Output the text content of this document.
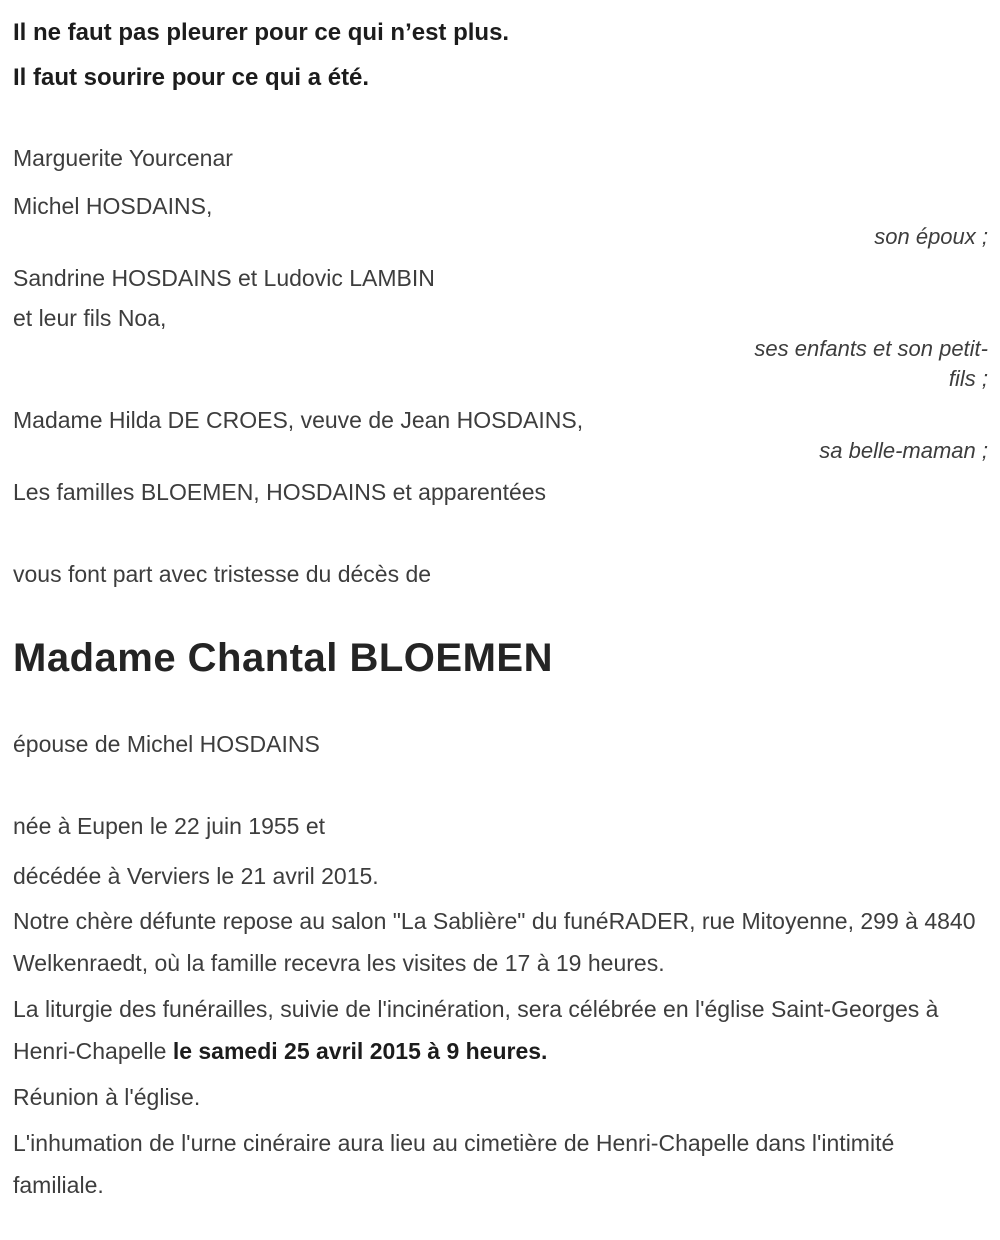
Il ne faut pas pleurer pour ce qui n’est plus.
Il faut sourire pour ce qui a été.
Marguerite Yourcenar
Michel HOSDAINS,
son époux ;
Sandrine HOSDAINS et Ludovic LAMBIN
et leur fils Noa,
ses enfants et son petit-fils ;
Madame Hilda DE CROES, veuve de Jean HOSDAINS,
sa belle-maman ;
Les familles BLOEMEN, HOSDAINS et apparentées
vous font part avec tristesse du décès de
Madame Chantal BLOEMEN
épouse de Michel HOSDAINS

née à Eupen le 22 juin 1955 et

décédée à Verviers le 21 avril 2015.

Notre chère défunte repose au salon "La Sablière" du funéRADER, rue Mitoyenne, 299 à 4840 Welkenraedt, où la famille recevra les visites de 17 à 19 heures.

La liturgie des funérailles, suivie de l'incinération, sera célébrée en l'église Saint-Georges à Henri-Chapelle le samedi 25 avril 2015 à 9 heures.

Réunion à l'église.

L'inhumation de l'urne cinéraire aura lieu au cimetière de Henri-Chapelle dans l'intimité familiale.
